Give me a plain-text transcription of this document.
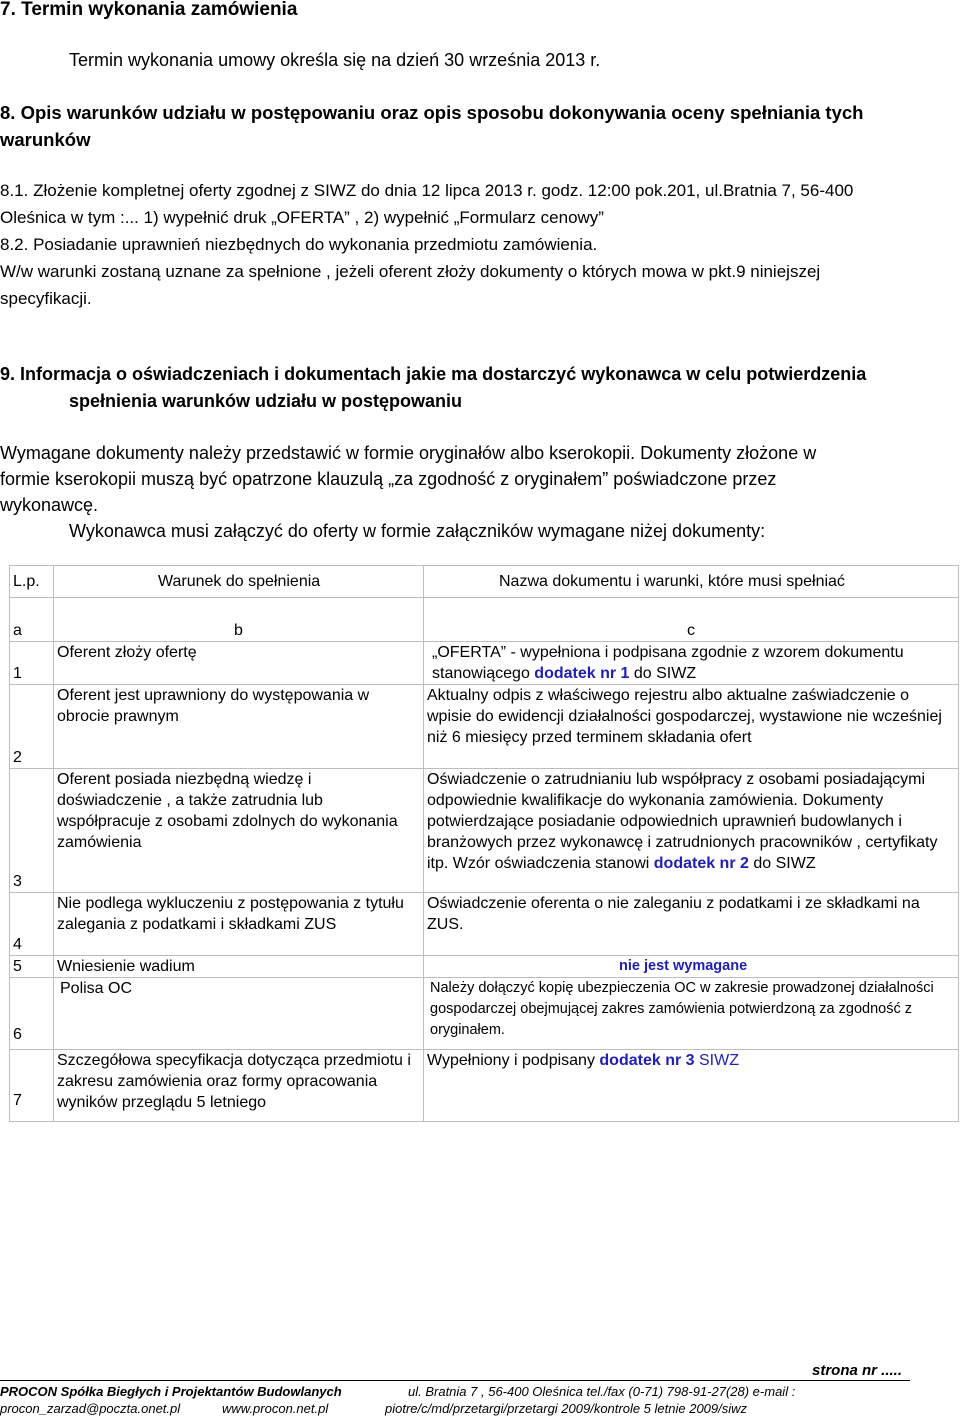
7. Termin wykonania zamówienia
Termin wykonania umowy określa się na dzień 30 września 2013 r.
8. Opis warunków udziału w postępowaniu oraz opis sposobu dokonywania oceny spełniania tych
warunków
8.1. Złożenie kompletnej oferty zgodnej z SIWZ do dnia 12 lipca 2013 r. godz. 12:00 pok.201, ul.Bratnia 7, 56-400
Oleśnica w tym :... 1) wypełnić druk „OFERTA” , 2) wypełnić „Formularz cenowy”
8.2. Posiadanie uprawnień niezbędnych do wykonania przedmiotu zamówienia.
W/w warunki zostaną uznane za spełnione , jeżeli oferent złoży dokumenty o których mowa w pkt.9 niniejszej
specyfikacji.
9. Informacja o oświadczeniach i dokumentach jakie ma dostarczyć wykonawca w celu potwierdzenia
spełnienia warunków udziału w postępowaniu
Wymagane dokumenty należy przedstawić w formie oryginałów albo kserokopii. Dokumenty złożone w
formie kserokopii muszą być opatrzone klauzulą „za zgodność z oryginałem” poświadczone przez
wykonawcę.
Wykonawca musi załączyć do oferty w formie załączników wymagane niżej dokumenty:
L.p.	Warunek do spełnienia	Nazwa dokumentu i warunki, które musi spełniać
a	b	c
1	Oferent złoży ofertę	„OFERTA” - wypełniona i podpisana zgodnie z wzorem dokumentu stanowiącego dodatek nr 1 do SIWZ
2	Oferent jest uprawniony do występowania w obrocie prawnym	Aktualny odpis z właściwego rejestru albo aktualne zaświadczenie o wpisie do ewidencji działalności gospodarczej, wystawione nie wcześniej niż 6 miesięcy przed terminem składania ofert
3	Oferent posiada niezbędną wiedzę i doświadczenie , a także zatrudnia lub współpracuje z osobami zdolnych do wykonania zamówienia	Oświadczenie o zatrudnianiu lub współpracy z osobami posiadającymi odpowiednie kwalifikacje do wykonania zamówienia. Dokumenty potwierdzające posiadanie odpowiednich uprawnień budowlanych i branżowych przez wykonawcę i zatrudnionych pracowników , certyfikaty itp. Wzór oświadczenia stanowi dodatek nr 2 do SIWZ
4	Nie podlega wykluczeniu z postępowania z tytułu zalegania z podatkami i składkami ZUS	Oświadczenie oferenta o nie zaleganiu z podatkami i ze składkami na ZUS.
5	Wniesienie wadium	nie jest wymagane
6	Polisa OC	Należy dołączyć kopię ubezpieczenia OC w zakresie prowadzonej działalności gospodarczej obejmującej zakres zamówienia potwierdzoną za zgodność z oryginałem.
7	Szczegółowa specyfikacja dotycząca przedmiotu i zakresu zamówienia oraz formy opracowania wyników przeglądu 5 letniego	Wypełniony i podpisany dodatek nr 3 SIWZ
strona nr .....
PROCON Spółka Biegłych i Projektantów Budowlanych	ul. Bratnia 7 , 56-400 Oleśnica tel./fax (0-71) 798-91-27(28) e-mail :
procon_zarzad@poczta.onet.pl	www.procon.net.pl	piotre/c/md/przetargi/przetargi 2009/kontrole 5 letnie 2009/siwz
